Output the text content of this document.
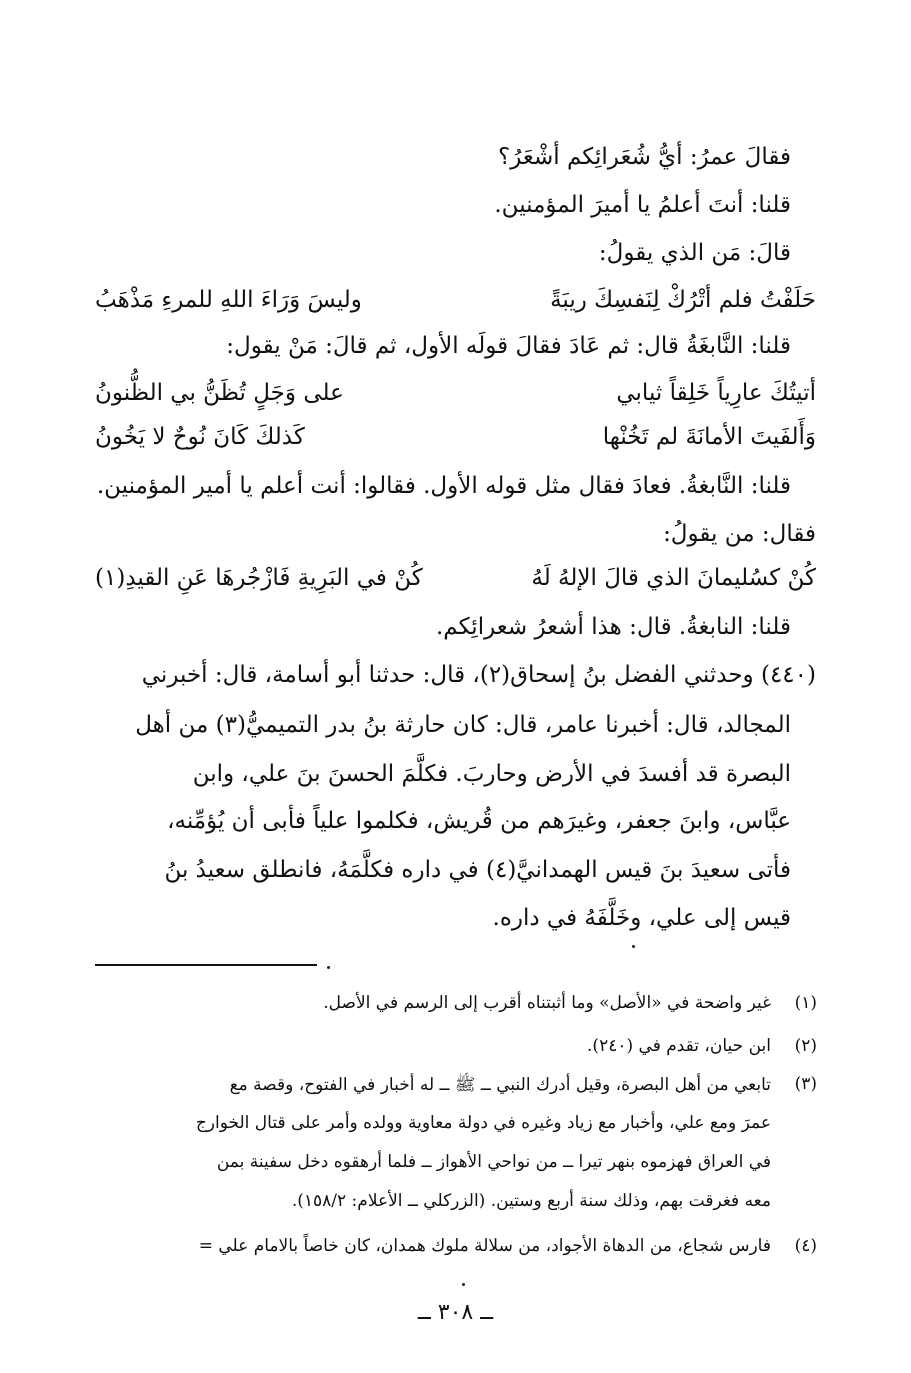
فقالَ عمرُ: أيُّ شُعَرائِكم أشْعَرُ؟
قلنا: أنتَ أعلمُ يا أميرَ المؤمنين.
قالَ: مَن الذي يقولُ:
حَلَفْتُ فلم أتْرُكْ لِنَفسِكَ ريبَةً
وليسَ وَرَاءَ اللهِ للمرءِ مَذْهَبُ
قلنا: النَّابغَةُ قال: ثم عَادَ فقالَ قولَه الأول، ثم قالَ: مَنْ يقول:
أتيتُكَ عارِياً خَلِقاً ثيابي
على وَجَلٍ تُظَنُّ بي الظُّنونُ
وَأَلفَيتَ الأمانَةَ لم تَخُنْها
كَذلكَ كَانَ نُوحٌ لا يَخُونُ
قلنا: النَّابغةُ. فعادَ فقال مثل قوله الأول. فقالوا: أنت أعلم يا أمير المؤمنين.
فقال: من يقولُ:
كُنْ كسُليمانَ الذي قالَ الإلهُ لَهُ
كُنْ في البَرِيةِ فَازْجُرهَا عَنِ القيدِ(١)
قلنا: النابغةُ. قال: هذا أشعرُ شعرائِكم.
(٤٤٠) وحدثني الفضل بنُ إسحاق(٢)، قال: حدثنا أبو أسامة، قال: أخبرني
المجالد، قال: أخبرنا عامر، قال: كان حارثة بنُ بدر التميميُّ(٣) من أهل
البصرة قد أفسدَ في الأرض وحاربَ. فكلَّمَ الحسنَ بنَ علي، وابن
عبَّاس، وابنَ جعفر، وغيرَهم من قُريش، فكلموا علياً فأبى أن يُؤمِّنه،
فأتى سعيدَ بنَ قيس الهمدانيَّ(٤) في داره فكلَّمَهُ، فانطلق سعيدُ بنُ
قيس إلى علي، وخَلَّفَهُ في داره.
(١)
غير واضحة في «الأصل» وما أثبتناه أقرب إلى الرسم في الأصل.
(٢)
ابن حيان، تقدم في (٢٤٠).
(٣)
تابعي من أهل البصرة، وقيل أدرك النبي ــ ﷺ ــ له أخبار في الفتوح، وقصة مع
عمرَ ومع علي، وأخبار مع زياد وغيره في دولة معاوية وولده وأمر على قتال الخوارج
في العراق فهزموه بنهر تيرا ــ من نواحي الأهواز ــ فلما أرهقوه دخل سفينة بمن
معه فغرقت بهم، وذلك سنة أربع وستين. (الزركلي ــ الأعلام: ١٥٨/٢).
(٤)
فارس شجاع، من الدهاة الأجواد، من سلالة ملوك همدان، كان خاصاً بالامام علي =
ــ ٣٠٨ ــ
